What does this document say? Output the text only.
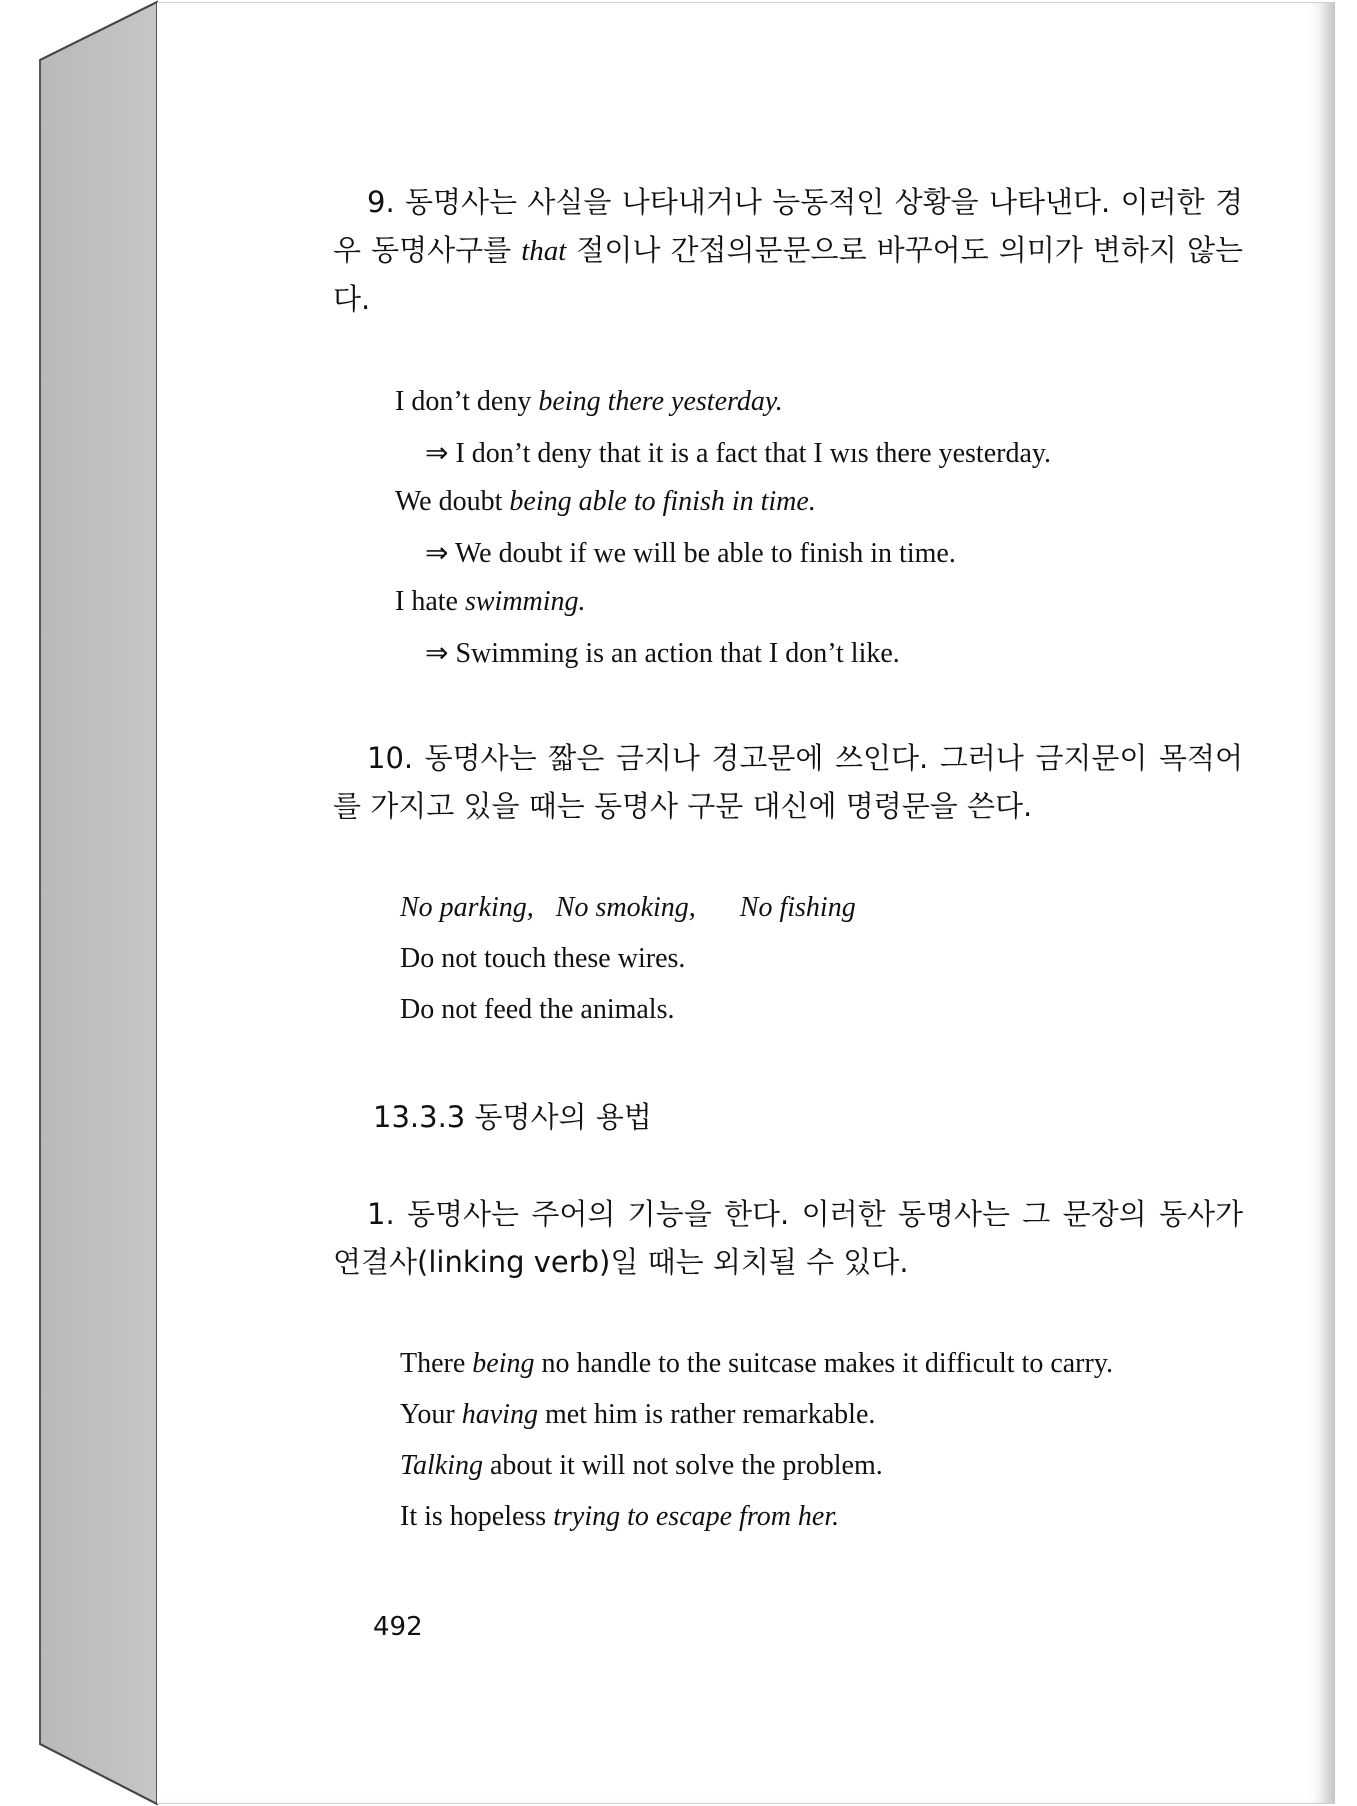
9. 동명사는 사실을 나타내거나 능동적인 상황을 나타낸다. 이러한 경우 동명사구를 that 절이나 간접의문문으로 바꾸어도 의미가 변하지 않는다.
I don’t deny being there yesterday.
⇒ I don’t deny that it is a fact that I wıs there yesterday.
We doubt being able to finish in time.
⇒ We doubt if we will be able to finish in time.
I hate swimming.
⇒ Swimming is an action that I don’t like.
10. 동명사는 짧은 금지나 경고문에 쓰인다. 그러나 금지문이 목적어를 가지고 있을 때는 동명사 구문 대신에 명령문을 쓴다.
No parking, No smoking, No fishing
Do not touch these wires.
Do not feed the animals.
13.3.3 동명사의 용법
1. 동명사는 주어의 기능을 한다. 이러한 동명사는 그 문장의 동사가 연결사(linking verb)일 때는 외치될 수 있다.
There being no handle to the suitcase makes it difficult to carry.
Your having met him is rather remarkable.
Talking about it will not solve the problem.
It is hopeless trying to escape from her.
492
